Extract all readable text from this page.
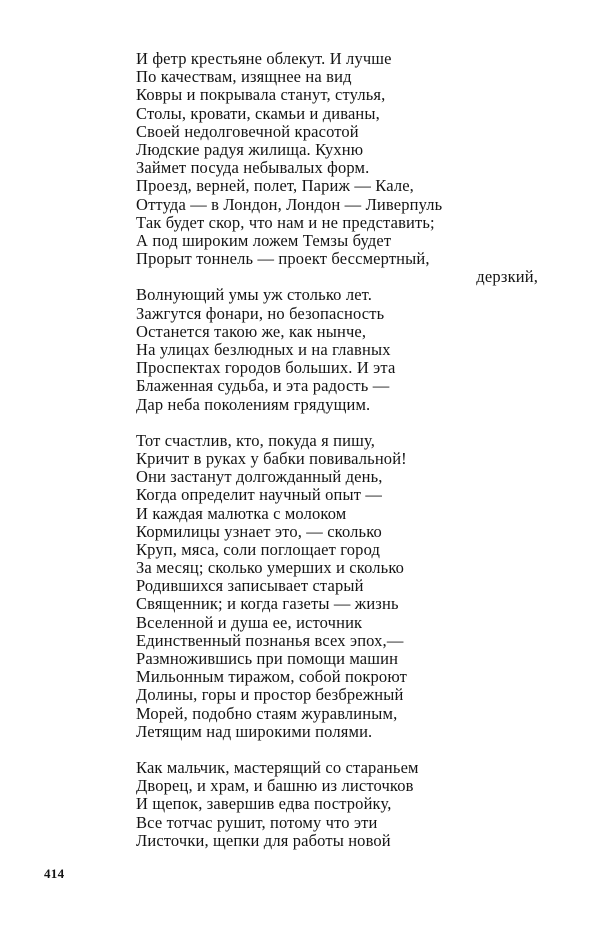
И фетр крестьяне облекут. И лучше
По качествам, изящнее на вид
Ковры и покрывала станут, стулья,
Столы, кровати, скамьи и диваны,
Своей недолговечной красотой
Людские радуя жилища. Кухню
Займет посуда небывалых форм.
Проезд, верней, полет, Париж — Кале,
Оттуда — в Лондон, Лондон — Ливерпуль
Так будет скор, что нам и не представить;
А под широким ложем Темзы будет
Прорыт тоннель — проект бессмертный,
дерзкий,
Волнующий умы уж столько лет.
Зажгутся фонари, но безопасность
Останется такою же, как нынче,
На улицах безлюдных и на главных
Проспектах городов больших. И эта
Блаженная судьба, и эта радость —
Дар неба поколениям грядущим.
Тот счастлив, кто, покуда я пишу,
Кричит в руках у бабки повивальной!
Они застанут долгожданный день,
Когда определит научный опыт —
И каждая малютка с молоком
Кормилицы узнает это, — сколько
Круп, мяса, соли поглощает город
За месяц; сколько умерших и сколько
Родившихся записывает старый
Священник; и когда газеты — жизнь
Вселенной и душа ее, источник
Единственный познанья всех эпох,—
Размножившись при помощи машин
Мильонным тиражом, собой покроют
Долины, горы и простор безбрежный
Морей, подобно стаям журавлиным,
Летящим над широкими полями.
Как мальчик, мастерящий со стараньем
Дворец, и храм, и башню из листочков
И щепок, завершив едва постройку,
Все тотчас рушит, потому что эти
Листочки, щепки для работы новой
414
